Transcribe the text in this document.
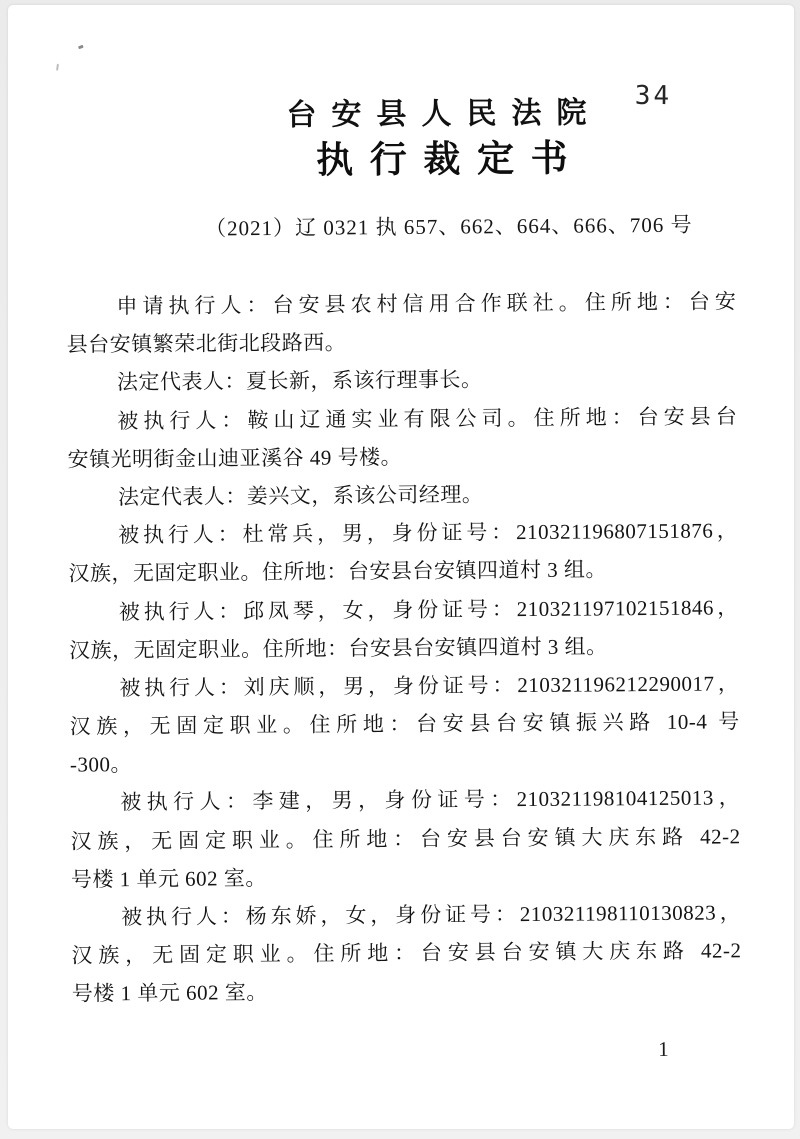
34
台安县人民法院
执行裁定书
（2021）辽 0321 执 657、662、664、666、706 号
申请执行人：台安县农村信用合作联社。住所地：台安
县台安镇繁荣北街北段路西。
法定代表人：夏长新，系该行理事长。
被执行人：鞍山辽通实业有限公司。住所地：台安县台
安镇光明街金山迪亚溪谷 49 号楼。
法定代表人：姜兴文，系该公司经理。
被执行人：杜常兵，男，身份证号：210321196807151876，
汉族，无固定职业。住所地：台安县台安镇四道村 3 组。
被执行人：邱凤琴，女，身份证号：210321197102151846，
汉族，无固定职业。住所地：台安县台安镇四道村 3 组。
被执行人：刘庆顺，男，身份证号：210321196212290017，
汉族，无固定职业。住所地：台安县台安镇振兴路 10-4 号
-300。
被执行人：李建，男，身份证号：210321198104125013，
汉族，无固定职业。住所地：台安县台安镇大庆东路 42-2
号楼 1 单元 602 室。
被执行人：杨东娇，女，身份证号：210321198110130823，
汉族，无固定职业。住所地：台安县台安镇大庆东路 42-2
号楼 1 单元 602 室。
1
